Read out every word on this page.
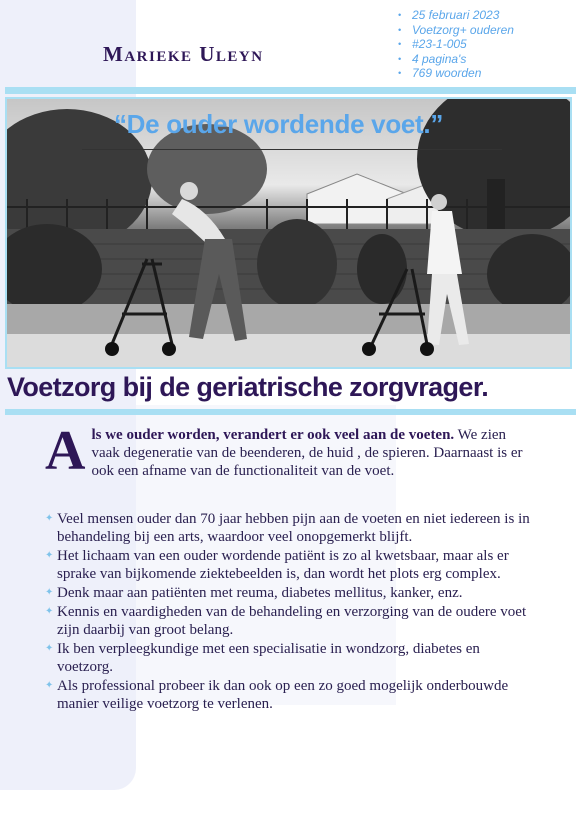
• 25 februari 2023
• Voetzorg+ ouderen
• #23-1-005
• 4 pagina's
• 769 woorden
Marieke Uleyn
“De ouder wordende voet.”
Voetzorg bij de geriatrische zorgvrager.
Als we ouder worden, verandert er ook veel aan de voeten. We zien vaak degeneratie van de beenderen, de huid , de spieren. Daarnaast is er ook een afname van de functionaliteit van de voet.
✦ Veel mensen ouder dan 70 jaar hebben pijn aan de voeten en niet iedereen is in behandeling bij een arts, waardoor veel onopgemerkt blijft.
✦ Het lichaam van een ouder wordende patiënt is zo al kwetsbaar, maar als er sprake van bijkomende ziektebeelden is, dan wordt het plots erg complex.
✦ Denk maar aan patiënten met reuma, diabetes mellitus, kanker, enz.
✦ Kennis en vaardigheden van de behandeling en verzorging van de oudere voet zijn daarbij van groot belang.
✦ Ik ben verpleegkundige met een specialisatie in wondzorg, diabetes en voetzorg.
✦ Als professional probeer ik dan ook op een zo goed mogelijk onderbouwde manier veilige voetzorg te verlenen.
